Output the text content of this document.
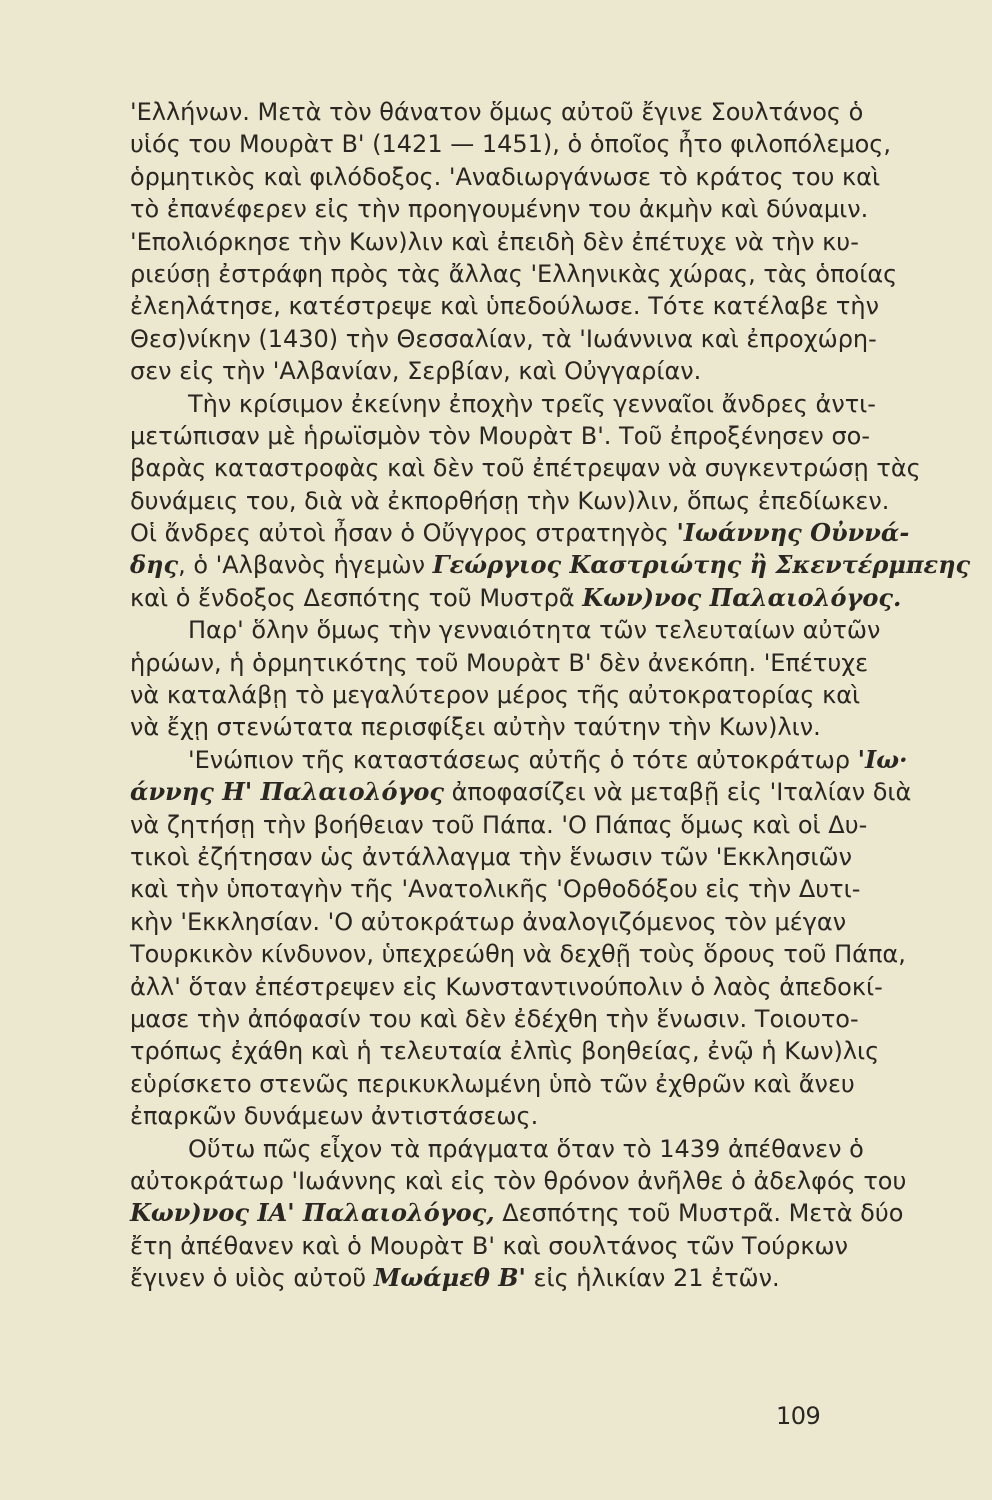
'Ελλήνων. Μετὰ τὸν θάνατον ὅμως αὐτοῦ ἔγινε Σουλτάνος ὁ
υἱός του Μουρὰτ Β' (1421 — 1451), ὁ ὁποῖος ἦτο φιλοπόλεμος,
ὁρμητικὸς καὶ φιλόδοξος. 'Αναδιωργάνωσε τὸ κράτος του καὶ
τὸ ἐπανέφερεν εἰς τὴν προηγουμένην του ἀκμὴν καὶ δύναμιν.
'Επολιόρκησε τὴν Κων)λιν καὶ ἐπειδὴ δὲν ἐπέτυχε νὰ τὴν κυ-
ριεύσῃ ἐστράφη πρὸς τὰς ἄλλας 'Ελληνικὰς χώρας, τὰς ὁποίας
ἐλεηλάτησε, κατέστρεψε καὶ ὑπεδούλωσε. Τότε κατέλαβε τὴν
Θεσ)νίκην (1430) τὴν Θεσσαλίαν, τὰ 'Ιωάννινα καὶ ἐπροχώρη-
σεν εἰς τὴν 'Αλβανίαν, Σερβίαν, καὶ Οὐγγαρίαν.
Τὴν κρίσιμον ἐκείνην ἐποχὴν τρεῖς γενναῖοι ἄνδρες ἀντι-
μετώπισαν μὲ ἡρωϊσμὸν τὸν Μουρὰτ Β'. Τοῦ ἐπροξένησεν σο-
βαρὰς καταστροφὰς καὶ δὲν τοῦ ἐπέτρεψαν νὰ συγκεντρώσῃ τὰς
δυνάμεις του, διὰ νὰ ἐκπορθήσῃ τὴν Κων)λιν, ὅπως ἐπεδίωκεν.
Οἱ ἄνδρες αὐτοὶ ἦσαν ὁ Οὔγγρος στρατηγὸς 'Ιωάννης Οὐννά-
δης, ὁ 'Αλβανὸς ἡγεμὼν Γεώργιος Καστριώτης ἢ Σκεντέρμπεης
καὶ ὁ ἔνδοξος Δεσπότης τοῦ Μυστρᾶ Κων)νος Παλαιολόγος.
Παρ' ὅλην ὅμως τὴν γενναιότητα τῶν τελευταίων αὐτῶν
ἡρώων, ἡ ὁρμητικότης τοῦ Μουρὰτ Β' δὲν ἀνεκόπη. 'Επέτυχε
νὰ καταλάβῃ τὸ μεγαλύτερον μέρος τῆς αὐτοκρατορίας καὶ
νὰ ἔχῃ στενώτατα περισφίξει αὐτὴν ταύτην τὴν Κων)λιν.
'Ενώπιον τῆς καταστάσεως αὐτῆς ὁ τότε αὐτοκράτωρ 'Ιω·
άννης Η' Παλαιολόγος ἀποφασίζει νὰ μεταβῇ εἰς 'Ιταλίαν διὰ
νὰ ζητήσῃ τὴν βοήθειαν τοῦ Πάπα. 'Ο Πάπας ὅμως καὶ οἱ Δυ-
τικοὶ ἐζήτησαν ὡς ἀντάλλαγμα τὴν ἕνωσιν τῶν 'Εκκλησιῶν
καὶ τὴν ὑποταγὴν τῆς 'Ανατολικῆς 'Ορθοδόξου εἰς τὴν Δυτι-
κὴν 'Εκκλησίαν. 'Ο αὐτοκράτωρ ἀναλογιζόμενος τὸν μέγαν
Τουρκικὸν κίνδυνον, ὑπεχρεώθη νὰ δεχθῇ τοὺς ὅρους τοῦ Πάπα,
ἀλλ' ὅταν ἐπέστρεψεν εἰς Κωνσταντινούπολιν ὁ λαὸς ἀπεδοκί-
μασε τὴν ἀπόφασίν του καὶ δὲν ἐδέχθη τὴν ἕνωσιν. Τοιουτο-
τρόπως ἐχάθη καὶ ἡ τελευταία ἐλπὶς βοηθείας, ἐνῷ ἡ Κων)λις
εὑρίσκετο στενῶς περικυκλωμένη ὑπὸ τῶν ἐχθρῶν καὶ ἄνευ
ἐπαρκῶν δυνάμεων ἀντιστάσεως.
Οὕτω πῶς εἶχον τὰ πράγματα ὅταν τὸ 1439 ἀπέθανεν ὁ
αὐτοκράτωρ 'Ιωάννης καὶ εἰς τὸν θρόνον ἀνῆλθε ὁ ἀδελφός του
Κων)νος ΙΑ' Παλαιολόγος, Δεσπότης τοῦ Μυστρᾶ. Μετὰ δύο
ἔτη ἀπέθανεν καὶ ὁ Μουρὰτ Β' καὶ σουλτάνος τῶν Τούρκων
ἔγινεν ὁ υἱὸς αὐτοῦ Μωάμεθ Β' εἰς ἡλικίαν 21 ἐτῶν.
109
